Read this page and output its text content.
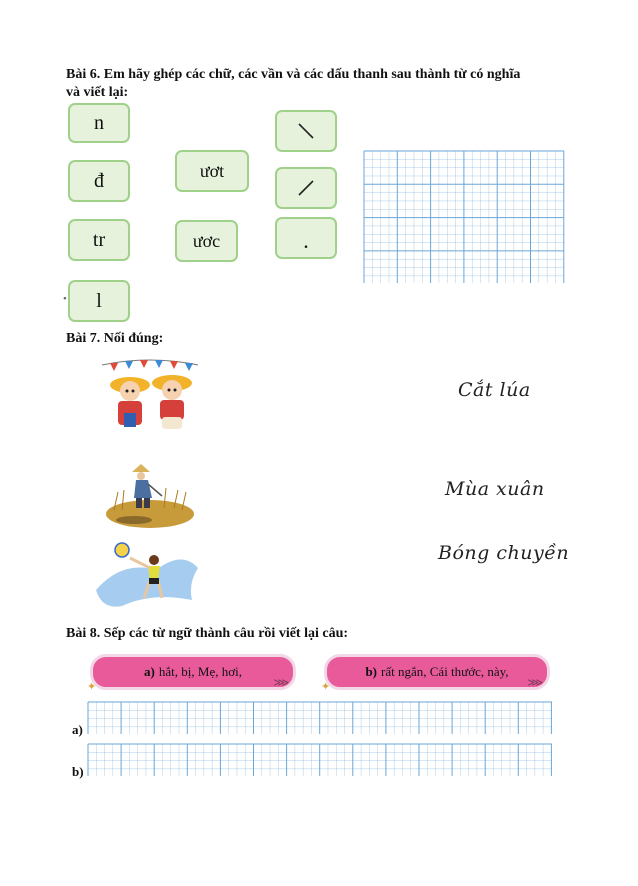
Bài 6. Em hãy ghép các chữ, các vần và các dấu thanh sau thành từ có nghĩa
và viết lại:
n
đ
tr
l
ươt
ươc	.
•
Bài 7. Nối đúng:
Cắt lúa
Mùa xuân
Bóng chuyền
Bài 8. Sếp các từ ngữ thành câu rồi viết lại câu:
a) hắt, bị, Mẹ, hơi,
✦	⋙
b) rất ngắn, Cái thước, này,
✦	⋙
a)
b)
